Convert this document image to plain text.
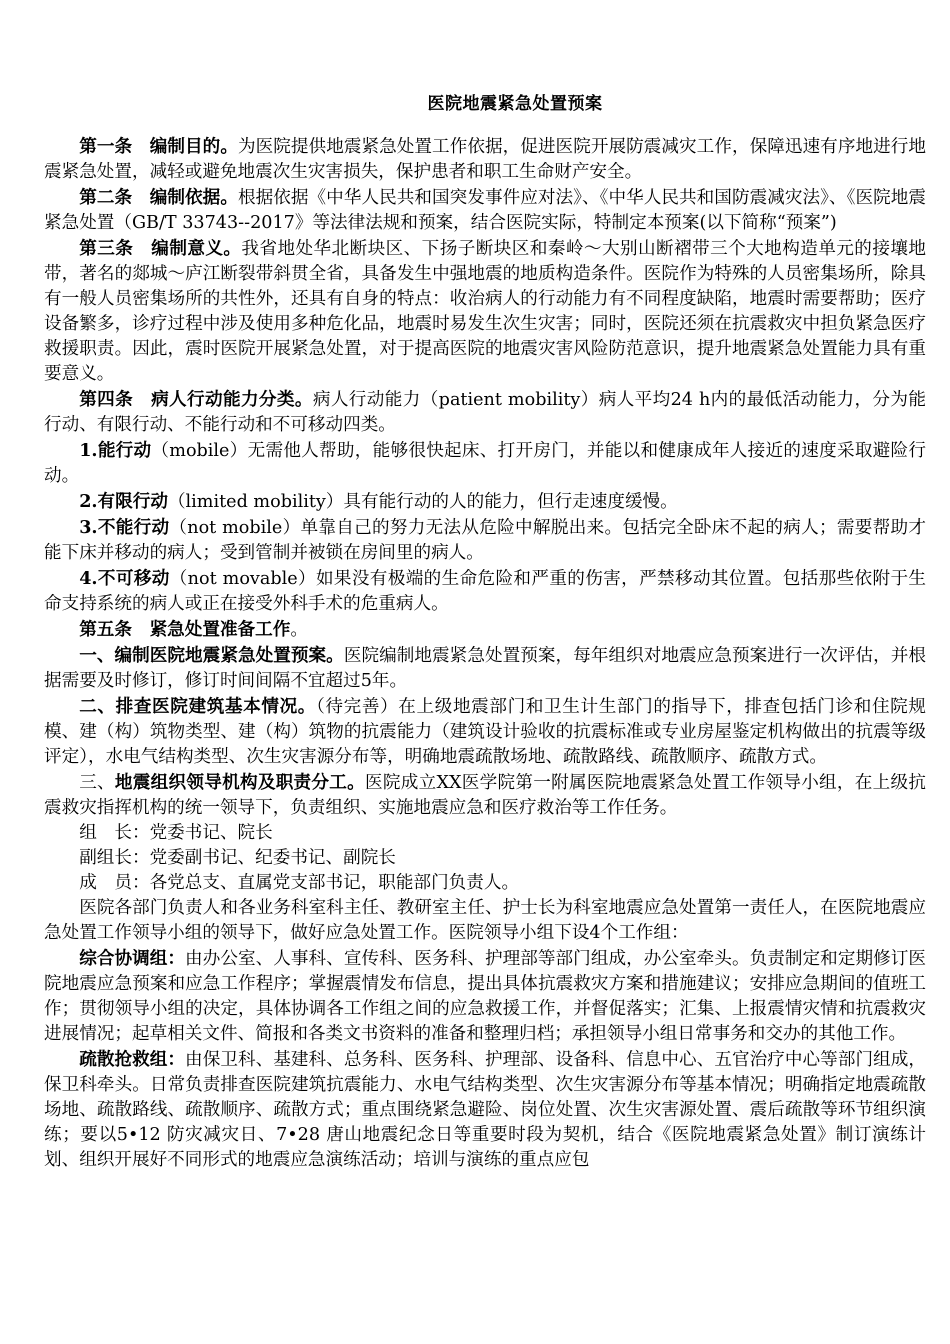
医院地震紧急处置预案

第一条　编制目的。为医院提供地震紧急处置工作依据，促进医院开展防震减灾工作，保障迅速有序地进行地震紧急处置，减轻或避免地震次生灾害损失，保护患者和职工生命财产安全。

第二条　编制依据。根据依据《中华人民共和国突发事件应对法》、《中华人民共和国防震减灾法》、《医院地震紧急处置（GB/T 33743--2017》等法律法规和预案，结合医院实际，特制定本预案(以下简称“预案”)

第三条　编制意义。我省地处华北断块区、下扬子断块区和秦岭～大别山断褶带三个大地构造单元的接壤地带，著名的郯城～庐江断裂带斜贯全省，具备发生中强地震的地质构造条件。医院作为特殊的人员密集场所，除具有一般人员密集场所的共性外，还具有自身的特点：收治病人的行动能力有不同程度缺陷，地震时需要帮助；医疗设备繁多，诊疗过程中涉及使用多种危化品，地震时易发生次生灾害；同时，医院还须在抗震救灾中担负紧急医疗救援职责。因此，震时医院开展紧急处置，对于提高医院的地震灾害风险防范意识，提升地震紧急处置能力具有重要意义。

第四条　病人行动能力分类。病人行动能力（patient mobility）病人平均24 h内的最低活动能力，分为能行动、有限行动、不能行动和不可移动四类。

1.能行动（mobile）无需他人帮助，能够很快起床、打开房门，并能以和健康成年人接近的速度采取避险行动。

2.有限行动（limited mobility）具有能行动的人的能力，但行走速度缓慢。

3.不能行动（not mobile）单靠自己的努力无法从危险中解脱出来。包括完全卧床不起的病人；需要帮助才能下床并移动的病人；受到管制并被锁在房间里的病人。

4.不可移动（not movable）如果没有极端的生命危险和严重的伤害，严禁移动其位置。包括那些依附于生命支持系统的病人或正在接受外科手术的危重病人。

第五条　紧急处置准备工作。

一、编制医院地震紧急处置预案。医院编制地震紧急处置预案，每年组织对地震应急预案进行一次评估，并根据需要及时修订，修订时间间隔不宜超过5年。

二、排查医院建筑基本情况。（待完善）在上级地震部门和卫生计生部门的指导下，排查包括门诊和住院规模、建（构）筑物类型、建（构）筑物的抗震能力（建筑设计验收的抗震标准或专业房屋鉴定机构做出的抗震等级评定），水电气结构类型、次生灾害源分布等，明确地震疏散场地、疏散路线、疏散顺序、疏散方式。

三、地震组织领导机构及职责分工。医院成立XX医学院第一附属医院地震紧急处置工作领导小组，在上级抗震救灾指挥机构的统一领导下，负责组织、实施地震应急和医疗救治等工作任务。

组　长：党委书记、院长

副组长：党委副书记、纪委书记、副院长

成　员：各党总支、直属党支部书记，职能部门负责人。

医院各部门负责人和各业务科室科主任、教研室主任、护士长为科室地震应急处置第一责任人，在医院地震应急处置工作领导小组的领导下，做好应急处置工作。医院领导小组下设4个工作组：

综合协调组：由办公室、人事科、宣传科、医务科、护理部等部门组成，办公室牵头。负责制定和定期修订医院地震应急预案和应急工作程序；掌握震情发布信息，提出具体抗震救灾方案和措施建议；安排应急期间的值班工作；贯彻领导小组的决定，具体协调各工作组之间的应急救援工作，并督促落实；汇集、上报震情灾情和抗震救灾进展情况；起草相关文件、简报和各类文书资料的准备和整理归档；承担领导小组日常事务和交办的其他工作。

疏散抢救组：由保卫科、基建科、总务科、医务科、护理部、设备科、信息中心、五官治疗中心等部门组成，保卫科牵头。日常负责排查医院建筑抗震能力、水电气结构类型、次生灾害源分布等基本情况；明确指定地震疏散场地、疏散路线、疏散顺序、疏散方式；重点围绕紧急避险、岗位处置、次生灾害源处置、震后疏散等环节组织演练；要以5•12 防灾减灾日、7•28 唐山地震纪念日等重要时段为契机，结合《医院地震紧急处置》制订演练计划、组织开展好不同形式的地震应急演练活动；培训与演练的重点应包
